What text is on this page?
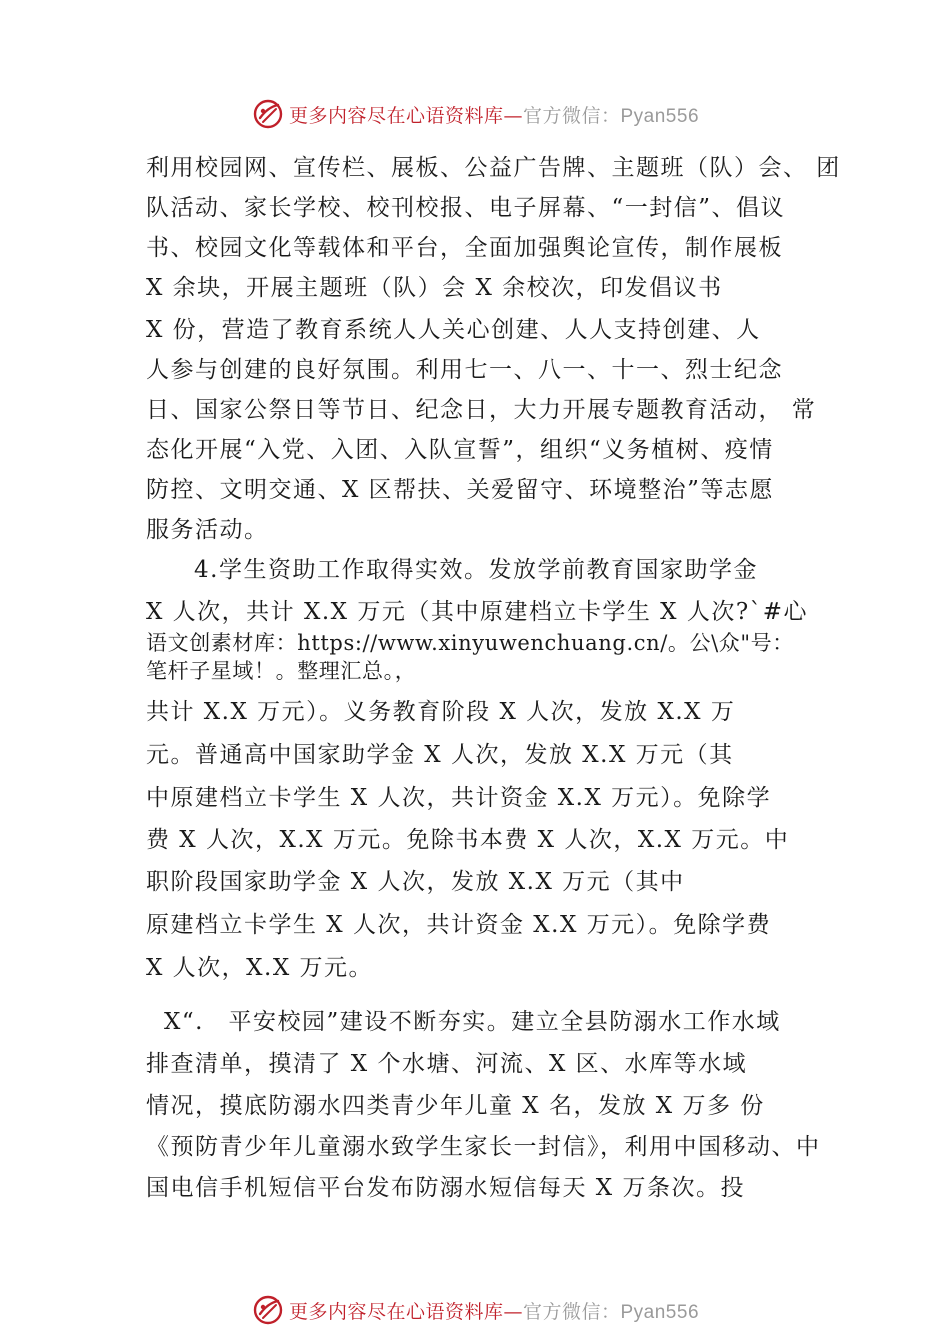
更多内容尽在心语资料库—官方微信：Pyan556
利用校园网、宣传栏、展板、公益广告牌、主题班（队）会、 团
队活动、家长学校、校刊校报、电子屏幕、“一封信”、倡议
书、校园文化等载体和平台，全面加强舆论宣传，制作展板
X 余块，开展主题班（队）会 X 余校次，印发倡议书
X 份，营造了教育系统人人关心创建、人人支持创建、人
人参与创建的良好氛围。利用七一、八一、十一、烈士纪念
日、国家公祭日等节日、纪念日，大力开展专题教育活动， 常
态化开展“入党、入团、入队宣誓”，组织“义务植树、疫情
防控、文明交通、X 区帮扶、关爱留守、环境整治”等志愿
服务活动。
4.学生资助工作取得实效。发放学前教育国家助学金
X 人次，共计 X.X 万元（其中原建档立卡学生 X 人次?`#心
语文创素材库：https://www.xinyuwenchuang.cn/。公\众"号：
笔杆子星域！。整理汇总。，
共计 X.X 万元）。义务教育阶段 X 人次，发放 X.X 万
元。普通高中国家助学金 X 人次，发放 X.X 万元（其
中原建档立卡学生 X 人次，共计资金 X.X 万元）。免除学
费 X 人次，X.X 万元。免除书本费 X 人次，X.X 万元。中
职阶段国家助学金 X 人次，发放 X.X 万元（其中
原建档立卡学生 X 人次，共计资金 X.X 万元）。免除学费
X 人次，X.X 万元。
X“.　平安校园”建设不断夯实。建立全县防溺水工作水域
排查清单，摸清了 X 个水塘、河流、X 区、水库等水域
情况，摸底防溺水四类青少年儿童 X 名，发放 X 万多 份
《预防青少年儿童溺水致学生家长一封信》，利用中国移动、中
国电信手机短信平台发布防溺水短信每天 X 万条次。投
更多内容尽在心语资料库—官方微信：Pyan556
